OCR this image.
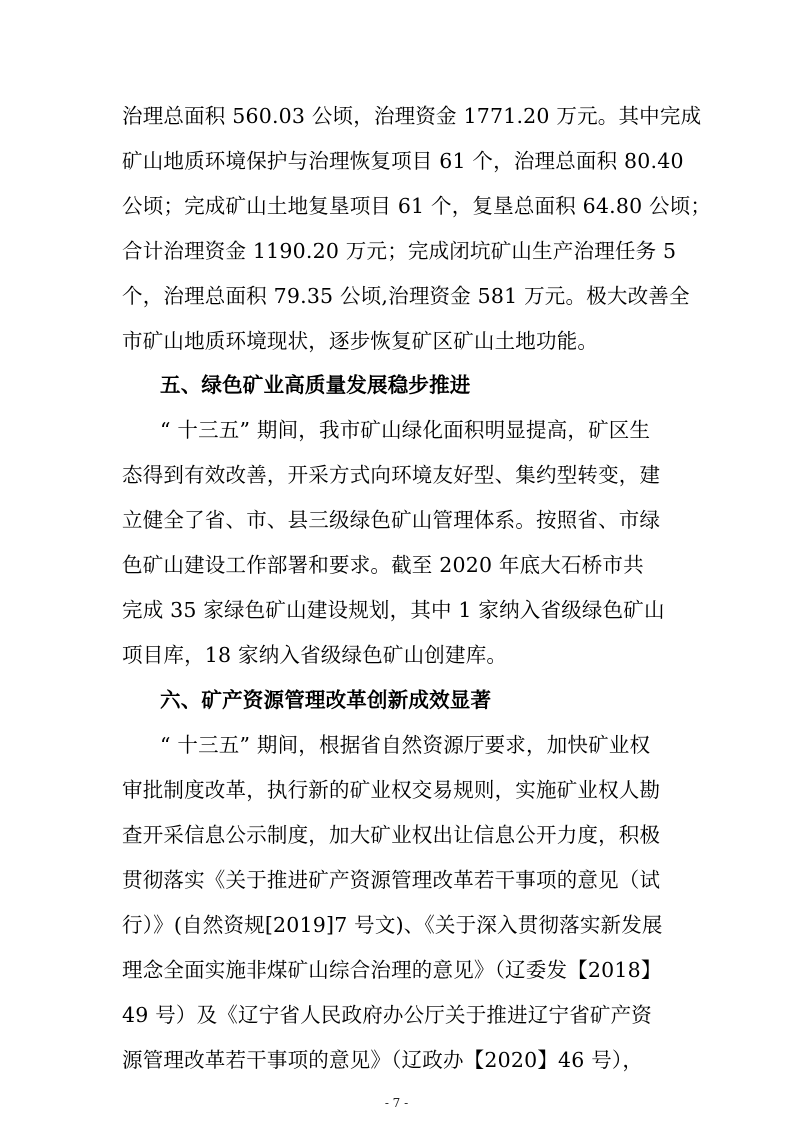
治理总面积 560.03 公顷，治理资金 1771.20 万元。其中完成
矿山地质环境保护与治理恢复项目 61 个，治理总面积 80.40
公顷；完成矿山土地复垦项目 61 个，复垦总面积 64.80 公顷；
合计治理资金 1190.20 万元；完成闭坑矿山生产治理任务 5
个，治理总面积 79.35 公顷,治理资金 581 万元。极大改善全
市矿山地质环境现状，逐步恢复矿区矿山土地功能。
五、绿色矿业高质量发展稳步推进
“ 十三五” 期间，我市矿山绿化面积明显提高，矿区生
态得到有效改善，开采方式向环境友好型、集约型转变，建
立健全了省、市、县三级绿色矿山管理体系。按照省、市绿
色矿山建设工作部署和要求。截至 2020 年底大石桥市共
完成 35 家绿色矿山建设规划，其中 1 家纳入省级绿色矿山
项目库，18 家纳入省级绿色矿山创建库。
六、矿产资源管理改革创新成效显著
“ 十三五” 期间，根据省自然资源厅要求，加快矿业权
审批制度改革，执行新的矿业权交易规则，实施矿业权人勘
查开采信息公示制度，加大矿业权出让信息公开力度，积极
贯彻落实《关于推进矿产资源管理改革若干事项的意见（试
行）》(自然资规[2019]7 号文)、《关于深入贯彻落实新发展
理念全面实施非煤矿山综合治理的意见》（辽委发【2018】
49 号）及《辽宁省人民政府办公厅关于推进辽宁省矿产资
源管理改革若干事项的意见》（辽政办【2020】46 号），
- 7 -
